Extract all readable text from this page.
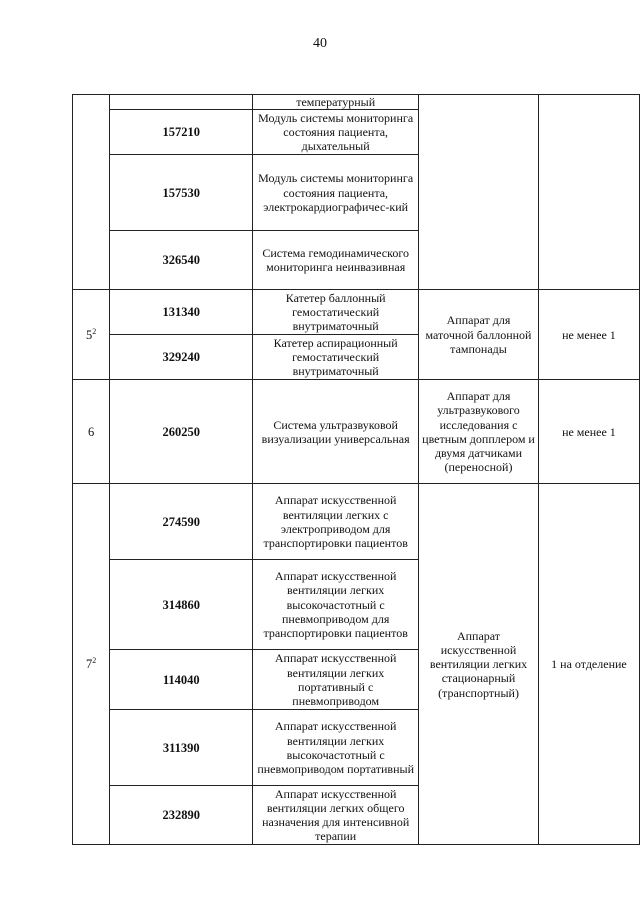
40
		температурный		
	157210	Модуль системы мониторинга состояния пациента, дыхательный		
	157530	Модуль системы мониторинга состояния пациента, электрокардиографичес-кий		
	326540	Система гемодинамического мониторинга неинвазивная		
$5^2$	131340	Катетер баллонный гемостатический внутриматочный	Аппарат для маточной баллонной тампонады	не менее 1
	329240	Катетер аспирационный гемостатический внутриматочный		
6	260250	Система ультразвуковой визуализации универсальная	Аппарат для ультразвукового исследования с цветным допплером и двумя датчиками (переносной)	не менее 1
$7^2$	274590	Аппарат искусственной вентиляции легких с электроприводом для транспортировки пациентов	Аппарат искусственной вентиляции легких стационарный (транспортный)	1 на отделение
	314860	Аппарат искусственной вентиляции легких высокочастотный с пневмоприводом для транспортировки пациентов		
	114040	Аппарат искусственной вентиляции легких портативный с пневмоприводом		
	311390	Аппарат искусственной вентиляции легких высокочастотный с пневмоприводом портативный		
	232890	Аппарат искусственной вентиляции легких общего назначения для интенсивной терапии		
